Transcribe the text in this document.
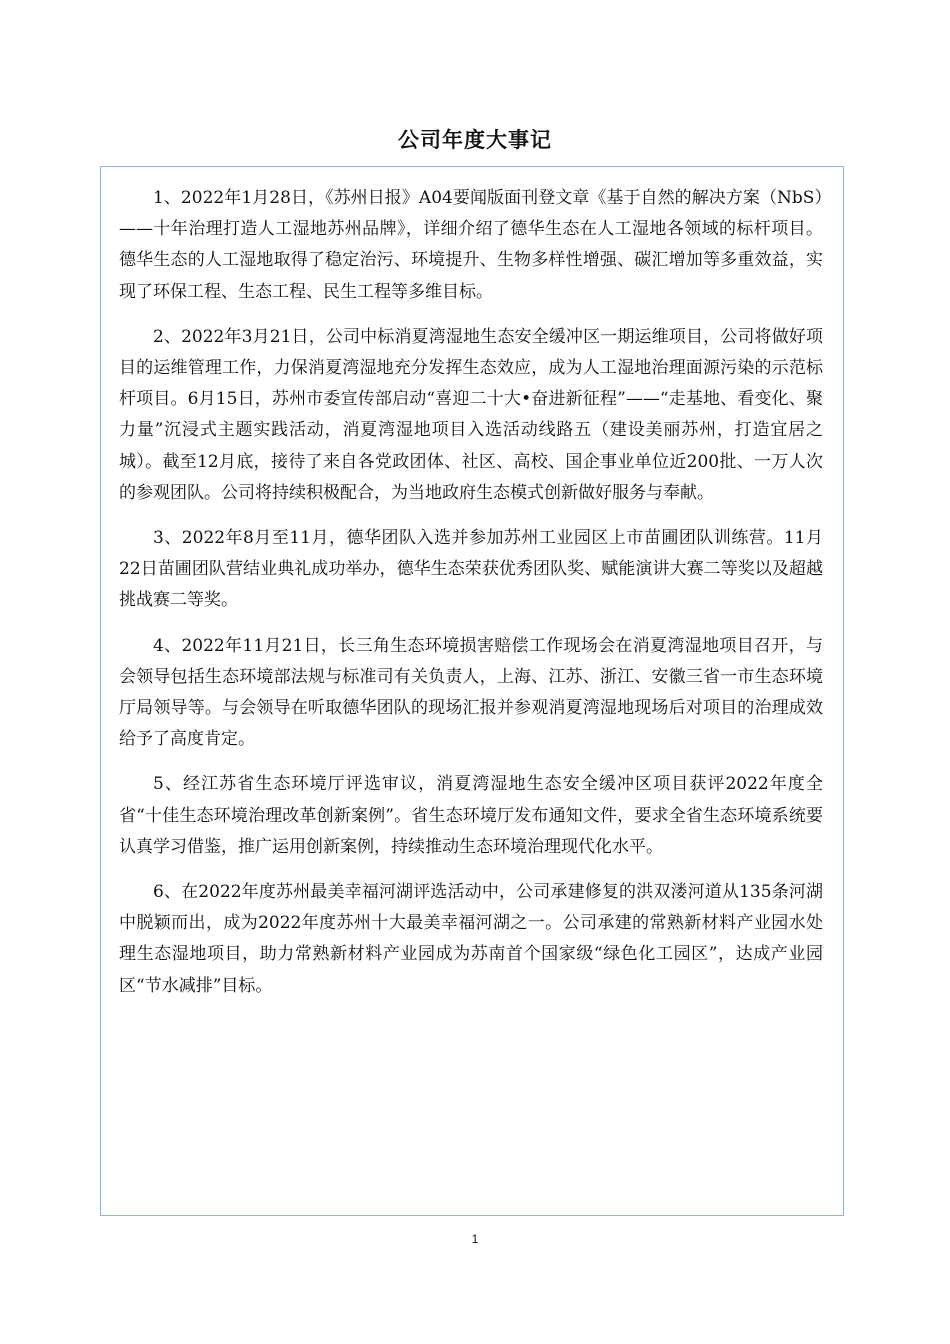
公司年度大事记

1、2022年1月28日，《苏州日报》A04要闻版面刊登文章《基于自然的解决方案（NbS）——十年治理打造人工湿地苏州品牌》，详细介绍了德华生态在人工湿地各领域的标杆项目。德华生态的人工湿地取得了稳定治污、环境提升、生物多样性增强、碳汇增加等多重效益，实现了环保工程、生态工程、民生工程等多维目标。

2、2022年3月21日，公司中标消夏湾湿地生态安全缓冲区一期运维项目，公司将做好项目的运维管理工作，力保消夏湾湿地充分发挥生态效应，成为人工湿地治理面源污染的示范标杆项目。6月15日，苏州市委宣传部启动“喜迎二十大•奋进新征程”——“走基地、看变化、聚力量”沉浸式主题实践活动，消夏湾湿地项目入选活动线路五（建设美丽苏州，打造宜居之城）。截至12月底，接待了来自各党政团体、社区、高校、国企事业单位近200批、一万人次的参观团队。公司将持续积极配合，为当地政府生态模式创新做好服务与奉献。

3、2022年8月至11月，德华团队入选并参加苏州工业园区上市苗圃团队训练营。11月22日苗圃团队营结业典礼成功举办，德华生态荣获优秀团队奖、赋能演讲大赛二等奖以及超越挑战赛二等奖。

4、2022年11月21日，长三角生态环境损害赔偿工作现场会在消夏湾湿地项目召开，与会领导包括生态环境部法规与标准司有关负责人，上海、江苏、浙江、安徽三省一市生态环境厅局领导等。与会领导在听取德华团队的现场汇报并参观消夏湾湿地现场后对项目的治理成效给予了高度肯定。

5、经江苏省生态环境厅评选审议，消夏湾湿地生态安全缓冲区项目获评2022年度全省“十佳生态环境治理改革创新案例”。省生态环境厅发布通知文件，要求全省生态环境系统要认真学习借鉴，推广运用创新案例，持续推动生态环境治理现代化水平。

6、在2022年度苏州最美幸福河湖评选活动中，公司承建修复的洪双溇河道从135条河湖中脱颖而出，成为2022年度苏州十大最美幸福河湖之一。公司承建的常熟新材料产业园水处理生态湿地项目，助力常熟新材料产业园成为苏南首个国家级“绿色化工园区”，达成产业园区“节水减排”目标。

1
